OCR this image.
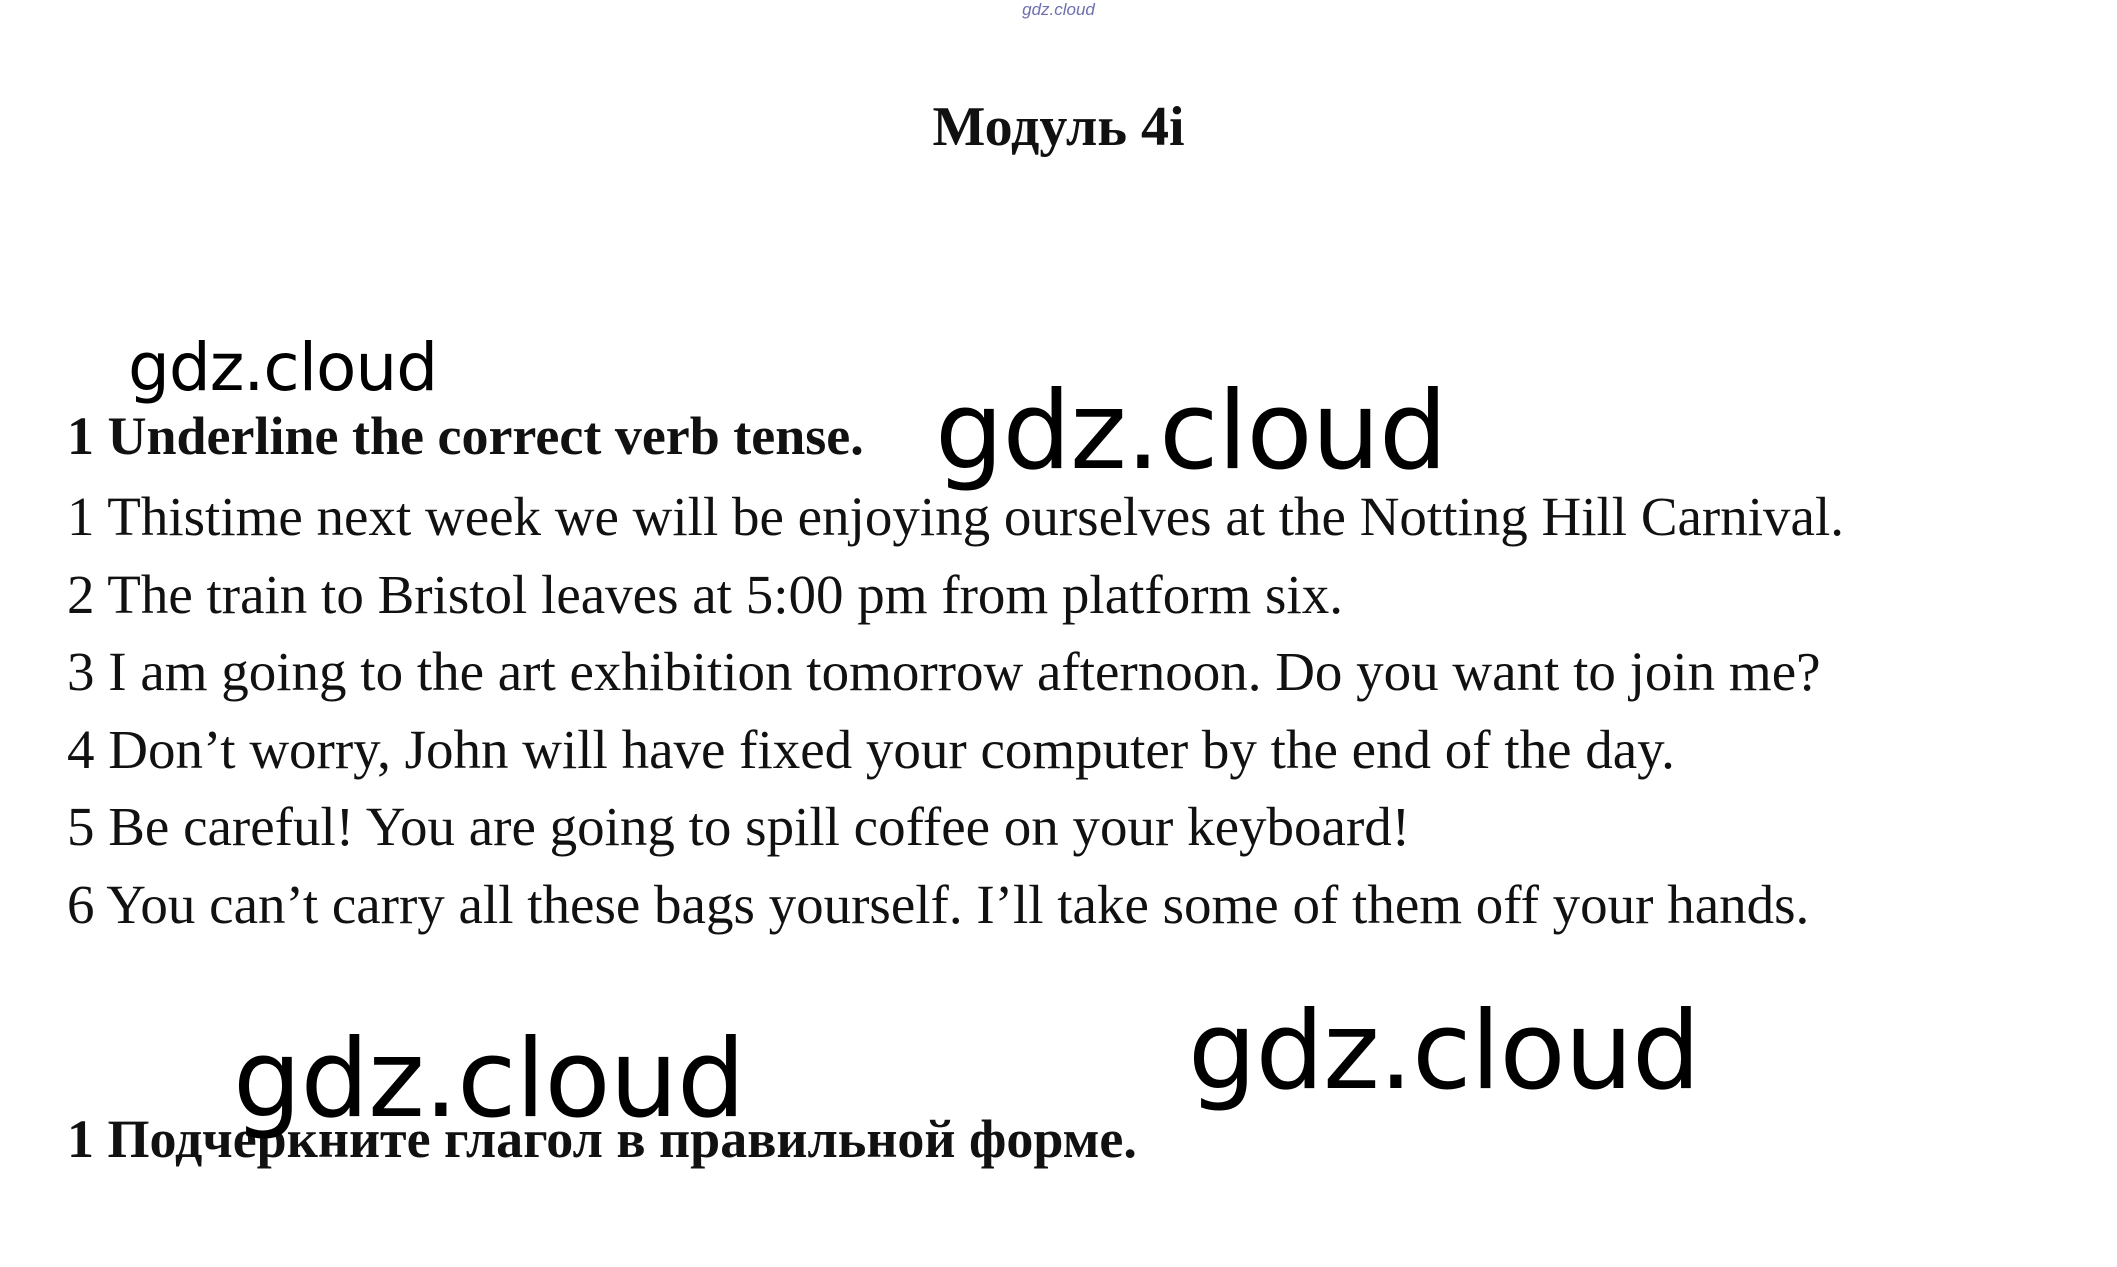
gdz.cloud
Модуль 4i
1 Underline the correct verb tense.
1 Thistime next week we will be enjoying ourselves at the Notting Hill Carnival.
2 The train to Bristol leaves at 5:00 pm from platform six.
3 I am going to the art exhibition tomorrow afternoon. Do you want to join me?
4 Don’t worry, John will have fixed your computer by the end of the day.
5 Be careful! You are going to spill coffee on your keyboard!
6 You can’t carry all these bags yourself. I’ll take some of them off your hands.
1 Подчеркните глагол в правильной форме.
gdz.cloud
gdz.cloud
gdz.cloud
gdz.cloud
